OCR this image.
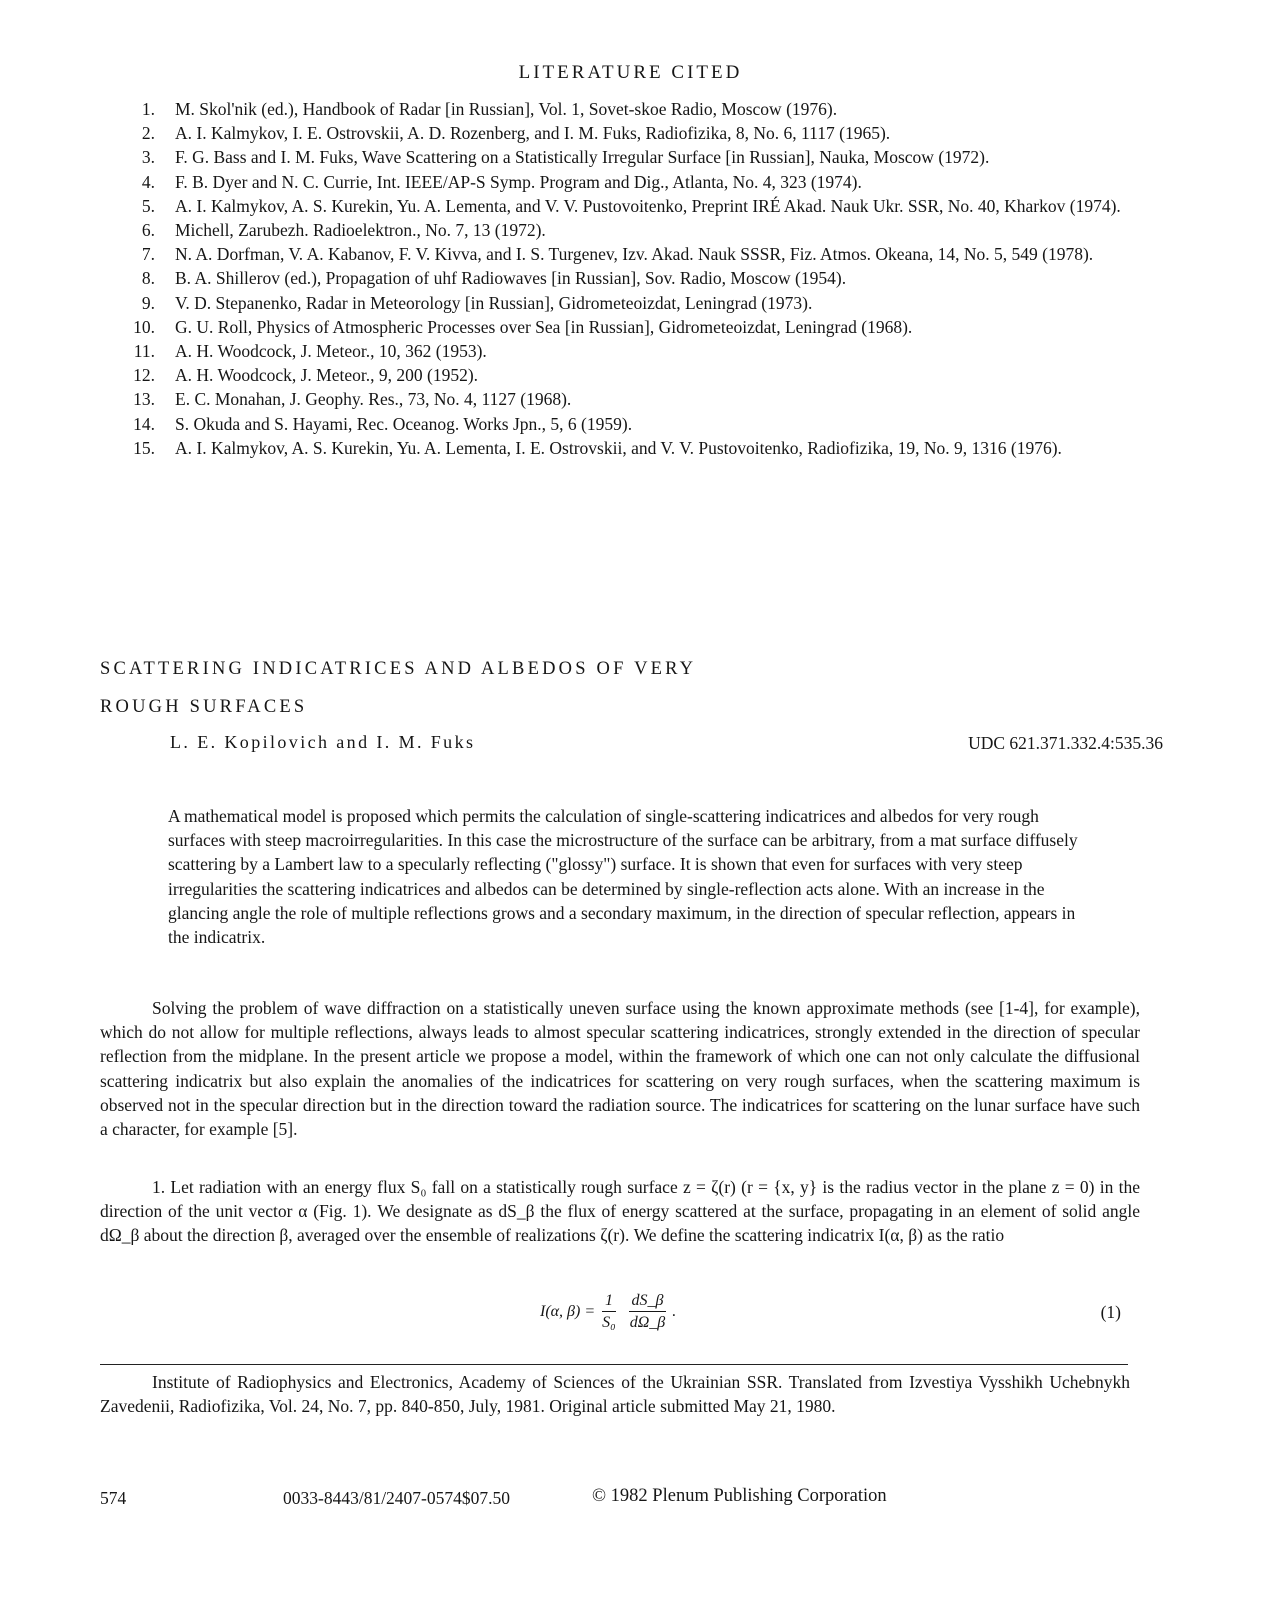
LITERATURE CITED
1.	M. Skol'nik (ed.), Handbook of Radar [in Russian], Vol. 1, Sovet-skoe Radio, Moscow (1976).
2.	A. I. Kalmykov, I. E. Ostrovskii, A. D. Rozenberg, and I. M. Fuks, Radiofizika, 8, No. 6, 1117 (1965).
3.	F. G. Bass and I. M. Fuks, Wave Scattering on a Statistically Irregular Surface [in Russian], Nauka, Moscow (1972).
4.	F. B. Dyer and N. C. Currie, Int. IEEE/AP-S Symp. Program and Dig., Atlanta, No. 4, 323 (1974).
5.	A. I. Kalmykov, A. S. Kurekin, Yu. A. Lementa, and V. V. Pustovoitenko, Preprint IRÉ Akad. Nauk Ukr. SSR, No. 40, Kharkov (1974).
6.	Michell, Zarubezh. Radioelektron., No. 7, 13 (1972).
7.	N. A. Dorfman, V. A. Kabanov, F. V. Kivva, and I. S. Turgenev, Izv. Akad. Nauk SSSR, Fiz. Atmos. Okeana, 14, No. 5, 549 (1978).
8.	B. A. Shillerov (ed.), Propagation of uhf Radiowaves [in Russian], Sov. Radio, Moscow (1954).
9.	V. D. Stepanenko, Radar in Meteorology [in Russian], Gidrometeoizdat, Leningrad (1973).
10.	G. U. Roll, Physics of Atmospheric Processes over Sea [in Russian], Gidrometeoizdat, Leningrad (1968).
11.	A. H. Woodcock, J. Meteor., 10, 362 (1953).
12.	A. H. Woodcock, J. Meteor., 9, 200 (1952).
13.	E. C. Monahan, J. Geophy. Res., 73, No. 4, 1127 (1968).
14.	S. Okuda and S. Hayami, Rec. Oceanog. Works Jpn., 5, 6 (1959).
15.	A. I. Kalmykov, A. S. Kurekin, Yu. A. Lementa, I. E. Ostrovskii, and V. V. Pustovoitenko, Radiofizika, 19, No. 9, 1316 (1976).
SCATTERING INDICATRICES AND ALBEDOS OF VERY
ROUGH SURFACES
L. E. Kopilovich and I. M. Fuks	UDC 621.371.332.4:535.36
A mathematical model is proposed which permits the calculation of single-scattering indicatrices and albedos for very rough surfaces with steep macroirregularities. In this case the microstructure of the surface can be arbitrary, from a mat surface diffusely scattering by a Lambert law to a specularly reflecting ("glossy") surface. It is shown that even for surfaces with very steep irregularities the scattering indicatrices and albedos can be determined by single-reflection acts alone. With an increase in the glancing angle the role of multiple reflections grows and a secondary maximum, in the direction of specular reflection, appears in the indicatrix.

Solving the problem of wave diffraction on a statistically uneven surface using the known approximate methods (see [1-4], for example), which do not allow for multiple reflections, always leads to almost specular scattering indicatrices, strongly extended in the direction of specular reflection from the midplane. In the present article we propose a model, within the framework of which one can not only calculate the diffusional scattering indicatrix but also explain the anomalies of the indicatrices for scattering on very rough surfaces, when the scattering maximum is observed not in the specular direction but in the direction toward the radiation source. The indicatrices for scattering on the lunar surface have such a character, for example [5].

1. Let radiation with an energy flux S₀ fall on a statistically rough surface z = ζ(r) (r = {x, y} is the radius vector in the plane z = 0) in the direction of the unit vector α (Fig. 1). We designate as dS_β the flux of energy scattered at the surface, propagating in an element of solid angle dΩ_β about the direction β, averaged over the ensemble of realizations ζ(r). We define the scattering indicatrix I(α, β) as the ratio

I(α, $\beta) = \frac{1}{\text{S₀}} \frac{dS\_\beta}{d\Omega\_\beta}$ .	(1)
Institute of Radiophysics and Electronics, Academy of Sciences of the Ukrainian SSR. Translated from Izvestiya Vysshikh Uchebnykh Zavedenii, Radiofizika, Vol. 24, No. 7, pp. 840-850, July, 1981. Original article submitted May 21, 1980.
574	0033-8443/81/2407-0574$07.50	© 1982 Plenum Publishing Corporation
